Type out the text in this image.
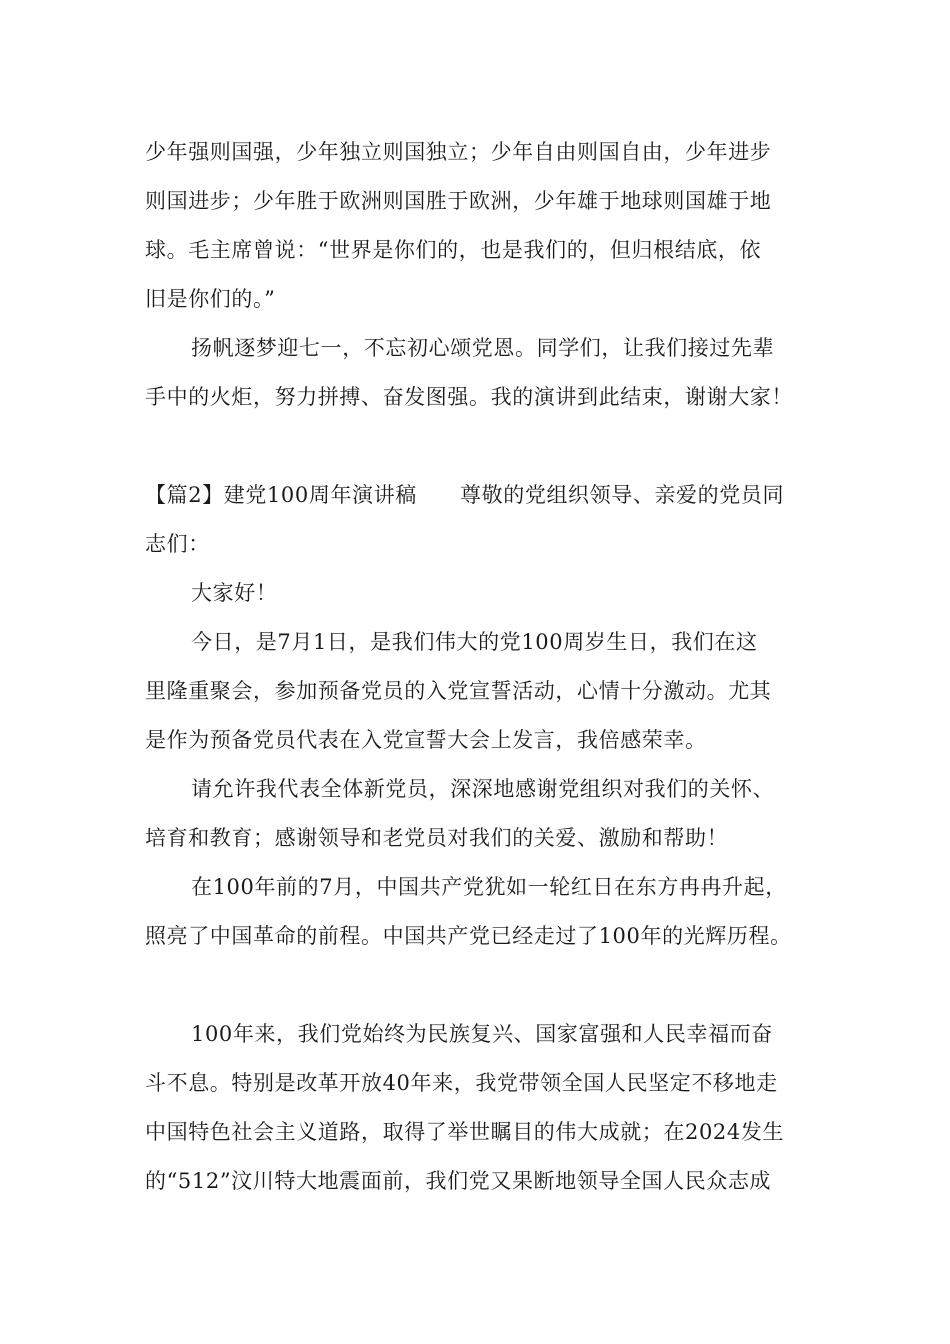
少年强则国强，少年独立则国独立；少年自由则国自由，少年进步
则国进步；少年胜于欧洲则国胜于欧洲，少年雄于地球则国雄于地
球。毛主席曾说：“世界是你们的，也是我们的，但归根结底，依
旧是你们的。”
扬帆逐梦迎七一，不忘初心颂党恩。同学们，让我们接过先辈
手中的火炬，努力拼搏、奋发图强。我的演讲到此结束，谢谢大家！
【篇2】建党100周年演讲稿　　尊敬的党组织领导、亲爱的党员同
志们：
大家好！
今日，是7月1日，是我们伟大的党100周岁生日，我们在这
里隆重聚会，参加预备党员的入党宣誓活动，心情十分激动。尤其
是作为预备党员代表在入党宣誓大会上发言，我倍感荣幸。
请允许我代表全体新党员，深深地感谢党组织对我们的关怀、
培育和教育；感谢领导和老党员对我们的关爱、激励和帮助！
在100年前的7月，中国共产党犹如一轮红日在东方冉冉升起，
照亮了中国革命的前程。中国共产党已经走过了100年的光辉历程。
100年来，我们党始终为民族复兴、国家富强和人民幸福而奋
斗不息。特别是改革开放40年来，我党带领全国人民坚定不移地走
中国特色社会主义道路，取得了举世瞩目的伟大成就；在2024发生
的“512”汶川特大地震面前，我们党又果断地领导全国人民众志成
